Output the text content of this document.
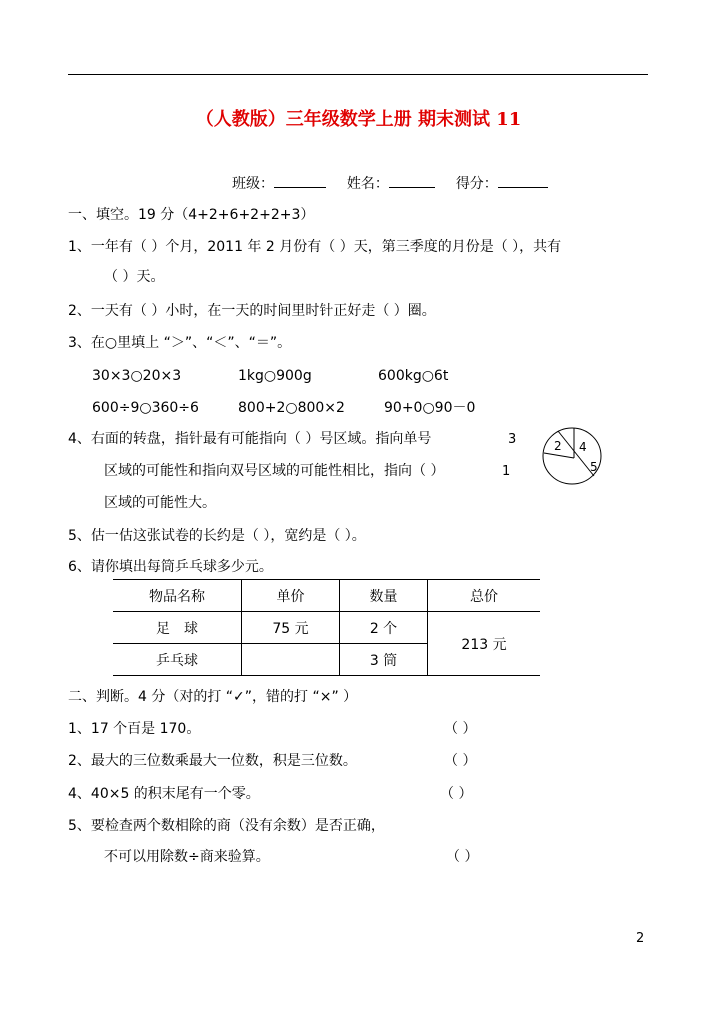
（人教版）三年级数学上册 期末测试 11
班级：	姓名：	得分：
一、填空。19 分（4+2+6+2+2+3）
1、一年有（ ）个月，2011 年 2 月份有（ ）天，第三季度的月份是（ ），共有
（ ）天。
2、一天有（ ）小时，在一天的时间里时针正好走（ ）圈。
3、在○里填上 “＞”、“＜”、“＝”。
30×3○20×3	1kg○900g	600kg○6t
600÷9○360÷6	800+2○800×2	90+0○90－0
4、右面的转盘，指针最有可能指向（ ）号区域。指向单号
区域的可能性和指向双号区域的可能性相比，指向（ ）
区域的可能性大。
3
1
2 4
5
5、估一估这张试卷的长约是（ ），宽约是（ ）。
6、请你填出每筒乒乓球多少元。
物品名称	单价	数量	总价
足　球	75 元	2 个	213 元
乒乓球		3 筒	
二、判断。4 分（对的打 “✓”，错的打 “×” ）
1、17 个百是 170。	（ ）
2、最大的三位数乘最大一位数，积是三位数。	（ ）
4、40×5 的积末尾有一个零。	（ ）
5、要检查两个数相除的商（没有余数）是否正确，
不可以用除数÷商来验算。	（ ）
2
